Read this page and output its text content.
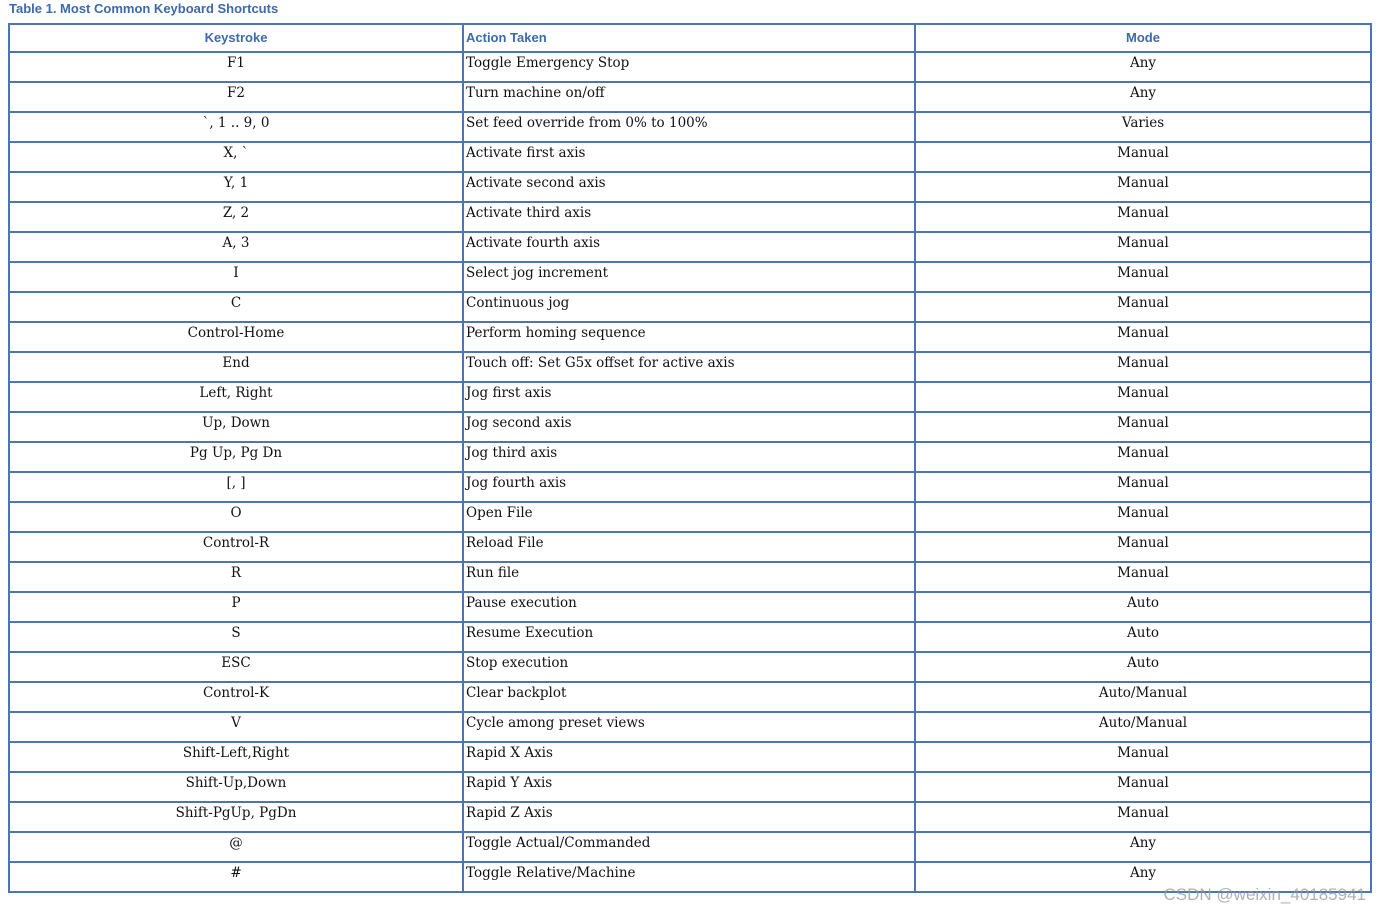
Table 1. Most Common Keyboard Shortcuts
Keystroke	Action Taken	Mode
F1	Toggle Emergency Stop	Any
F2	Turn machine on/off	Any
`, 1 .. 9, 0	Set feed override from 0% to 100%	Varies
X, `	Activate first axis	Manual
Y, 1	Activate second axis	Manual
Z, 2	Activate third axis	Manual
A, 3	Activate fourth axis	Manual
I	Select jog increment	Manual
C	Continuous jog	Manual
Control-Home	Perform homing sequence	Manual
End	Touch off: Set G5x offset for active axis	Manual
Left, Right	Jog first axis	Manual
Up, Down	Jog second axis	Manual
Pg Up, Pg Dn	Jog third axis	Manual
[, ]	Jog fourth axis	Manual
O	Open File	Manual
Control-R	Reload File	Manual
R	Run file	Manual
P	Pause execution	Auto
S	Resume Execution	Auto
ESC	Stop execution	Auto
Control-K	Clear backplot	Auto/Manual
V	Cycle among preset views	Auto/Manual
Shift-Left,Right	Rapid X Axis	Manual
Shift-Up,Down	Rapid Y Axis	Manual
Shift-PgUp, PgDn	Rapid Z Axis	Manual
@	Toggle Actual/Commanded	Any
#	Toggle Relative/Machine	Any
CSDN @weixin_40185941
